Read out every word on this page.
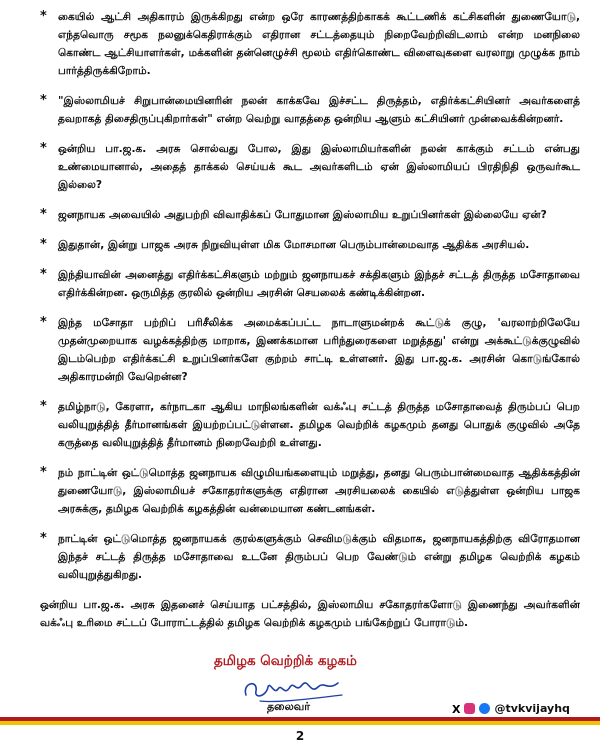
* கையில் ஆட்சி அதிகாரம் இருக்கிறது என்ற ஒரே காரணத்திற்காகக் கூட்டணிக் கட்சிகளின் துணையோடு, எந்தவொரு சமூக நலனுக்கெதிராக்கும் எதிரான சட்டத்தையும் நிறைவேற்றிவிடலாம் என்ற மனநிலை கொண்ட ஆட்சியாளர்கள், மக்களின் தன்னெழுச்சி மூலம் எதிர்கொண்ட விளைவுகளை வரலாறு முழுக்க நாம் பார்த்திருக்கிறோம்.
* "இஸ்லாமியச் சிறுபான்மையினரின் நலன் காக்கவே இச்சட்ட திருத்தம், எதிர்க்கட்சியினர் அவர்களைத் தவறாகத் திசைதிருப்புகிறார்கள்" என்ற வெற்று வாதத்தை ஒன்றிய ஆளும் கட்சியினர் முன்வைக்கின்றனர்.
* ஒன்றிய பா.ஜ.க. அரசு சொல்வது போல, இது இஸ்லாமியர்களின் நலன் காக்கும் சட்டம் என்பது உண்மையானால், அதைத் தாக்கல் செய்யக் கூட அவர்களிடம் ஏன் இஸ்லாமியப் பிரதிநிதி ஒருவர்கூட இல்லை?
* ஜனநாயக அவையில் அதுபற்றி விவாதிக்கப் போதுமான இஸ்லாமிய உறுப்பினர்கள் இல்லையே ஏன்?
* இதுதான், இன்று பாஜக அரசு நிறுவியுள்ள மிக மோசமான பெரும்பான்மைவாத ஆதிக்க அரசியல்.
* இந்தியாவின் அனைத்து எதிர்க்கட்சிகளும் மற்றும் ஜனநாயகச் சக்திகளும் இந்தச் சட்டத் திருத்த மசோதாவை எதிர்க்கின்றன. ஒருமித்த குரலில் ஒன்றிய அரசின் செயலைக் கண்டிக்கின்றன.
* இந்த மசோதா பற்றிப் பரிசீலிக்க அமைக்கப்பட்ட நாடாளுமன்றக் கூட்டுக் குழு, 'வரலாற்றிலேயே முதன்முறையாக வழக்கத்திற்கு மாறாக, இணக்கமான பரிந்துரைகளை மறுத்தது' என்று அக்கூட்டுக்குழுவில் இடம்பெற்ற எதிர்க்கட்சி உறுப்பினர்களே குற்றம் சாட்டி உள்ளனர். இது பா.ஜ.க. அரசின் கொடுங்கோல் அதிகாரமன்றி வேறென்ன?
* தமிழ்நாடு, கேரளா, கர்நாடகா ஆகிய மாநிலங்களின் வக்ஃபு சட்டத் திருத்த மசோதாவைத் திரும்பப் பெற வலியுறுத்தித் தீர்மானங்கள் இயற்றப்பட்டுள்ளன. தமிழக வெற்றிக் கழகமும் தனது பொதுக் குழுவில் அதே கருத்தை வலியுறுத்தித் தீர்மானம் நிறைவேற்றி உள்ளது.
* நம் நாட்டின் ஒட்டுமொத்த ஜனநாயக விழுமியங்களையும் மறுத்து, தனது பெரும்பான்மைவாத ஆதிக்கத்தின் துணையோடு, இஸ்லாமியச் சகோதரர்களுக்கு எதிரான அரசியலைக் கையில் எடுத்துள்ள ஒன்றிய பாஜக அரசுக்கு, தமிழக வெற்றிக் கழகத்தின் வன்மையான கண்டனங்கள்.
* நாட்டின் ஒட்டுமொத்த ஜனநாயகக் குரல்களுக்கும் செவிமடுக்கும் விதமாக, ஜனநாயகத்திற்கு விரோதமான இந்தச் சட்டத் திருத்த மசோதாவை உடனே திரும்பப் பெற வேண்டும் என்று தமிழக வெற்றிக் கழகம் வலியுறுத்துகிறது.
ஒன்றிய பா.ஜ.க. அரசு இதனைச் செய்யாத பட்சத்தில், இஸ்லாமிய சகோதரர்களோடு இணைந்து அவர்களின் வக்ஃபு உரிமை சட்டப் போராட்டத்தில் தமிழக வெற்றிக் கழகமும் பங்கேற்றுப் போராடும்.
தமிழக வெற்றிக் கழகம்
தலைவர்	X	@tvkvijayhq
2
